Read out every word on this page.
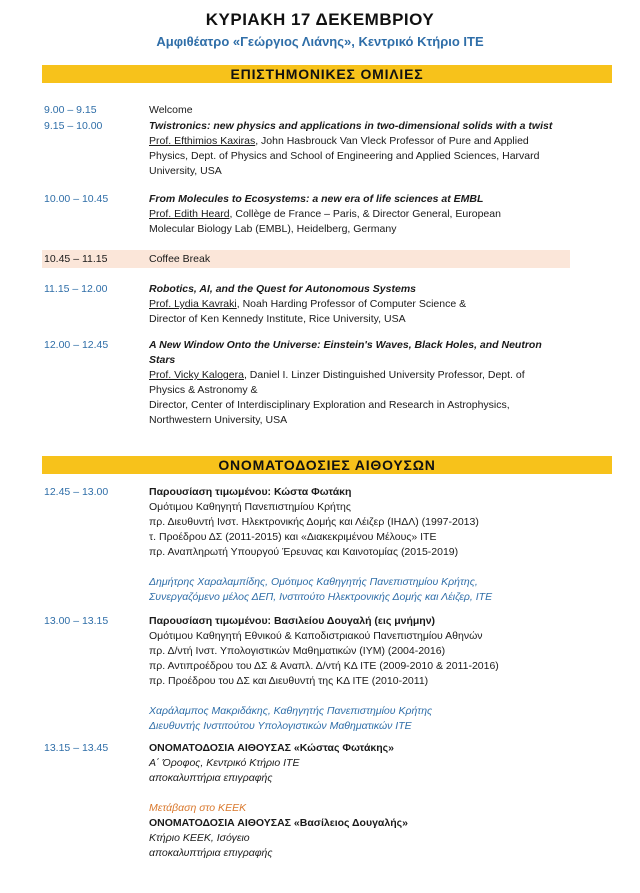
ΚΥΡΙΑΚΗ 17 ΔΕΚΕΜΒΡΙΟΥ
Αμφιθέατρο «Γεώργιος Λιάνης», Κεντρικό Κτήριο ΙΤΕ
ΕΠΙΣΤΗΜΟΝΙΚΕΣ ΟΜΙΛΙΕΣ
9.00 – 9.15	Welcome
9.15 – 10.00	Twistronics: new physics and applications in two-dimensional solids with a twist
Prof. Efthimios Kaxiras, John Hasbrouck Van Vleck Professor of Pure and Applied
Physics, Dept. of Physics and School of Engineering and Applied Sciences, Harvard
University, USA
10.00 – 10.45	From Molecules to Ecosystems: a new era of life sciences at EMBL
Prof. Edith Heard, Collège de France – Paris, & Director General, European
Molecular Biology Lab (EMBL), Heidelberg, Germany
10.45 – 11.15	Coffee Break
11.15 – 12.00	Robotics, AI, and the Quest for Autonomous Systems
Prof. Lydia Kavraki, Noah Harding Professor of Computer Science &
Director of Ken Kennedy Institute, Rice University, USA
12.00 – 12.45	A New Window Onto the Universe: Einstein's Waves, Black Holes, and Neutron
Stars
Prof. Vicky Kalogera, Daniel I. Linzer Distinguished University Professor, Dept. of
Physics & Astronomy &
Director, Center of Interdisciplinary Exploration and Research in Astrophysics,
Northwestern University, USA
ΟΝΟΜΑΤΟΔΟΣΙΕΣ ΑΙΘΟΥΣΩΝ
12.45 – 13.00	Παρουσίαση τιμωμένου: Κώστα Φωτάκη
Ομότιμου Καθηγητή Πανεπιστημίου Κρήτης
πρ. Διευθυντή Ινστ. Ηλεκτρονικής Δομής και Λέιζερ (ΙΗΔΛ) (1997-2013)
τ. Προέδρου ΔΣ (2011-2015) και «Διακεκριμένου Μέλους» ΙΤΕ
πρ. Αναπληρωτή Υπουργού Έρευνας και Καινοτομίας (2015-2019)
Δημήτρης Χαραλαμπίδης, Ομότιμος Καθηγητής Πανεπιστημίου Κρήτης,
Συνεργαζόμενο μέλος ΔΕΠ, Ινστιτούτο Ηλεκτρονικής Δομής και Λέιζερ, ΙΤΕ
13.00 – 13.15	Παρουσίαση τιμωμένου: Βασιλείου Δουγαλή (εις μνήμην)
Ομότιμου Καθηγητή Εθνικού & Καποδιστριακού Πανεπιστημίου Αθηνών
πρ. Δ/ντή Ινστ. Υπολογιστικών Μαθηματικών (ΙΥΜ) (2004-2016)
πρ. Αντιπροέδρου του ΔΣ & Αναπλ. Δ/ντή ΚΔ ΙΤΕ (2009-2010 & 2011-2016)
πρ. Προέδρου του ΔΣ και Διευθυντή της ΚΔ ΙΤΕ (2010-2011)
Χαράλαμπος Μακριδάκης, Καθηγητής Πανεπιστημίου Κρήτης
Διευθυντής Ινστιτούτου Υπολογιστικών Μαθηματικών ΙΤΕ
13.15 – 13.45	ΟΝΟΜΑΤΟΔΟΣΙΑ ΑΙΘΟΥΣΑΣ «Κώστας Φωτάκης»
Α΄ Όροφος, Κεντρικό Κτήριο ΙΤΕ
αποκαλυπτήρια επιγραφής
Μετάβαση στο ΚΕΕΚ
ΟΝΟΜΑΤΟΔΟΣΙΑ ΑΙΘΟΥΣΑΣ «Βασίλειος Δουγαλής»
Κτήριο ΚΕΕΚ, Ισόγειο
αποκαλυπτήρια επιγραφής
